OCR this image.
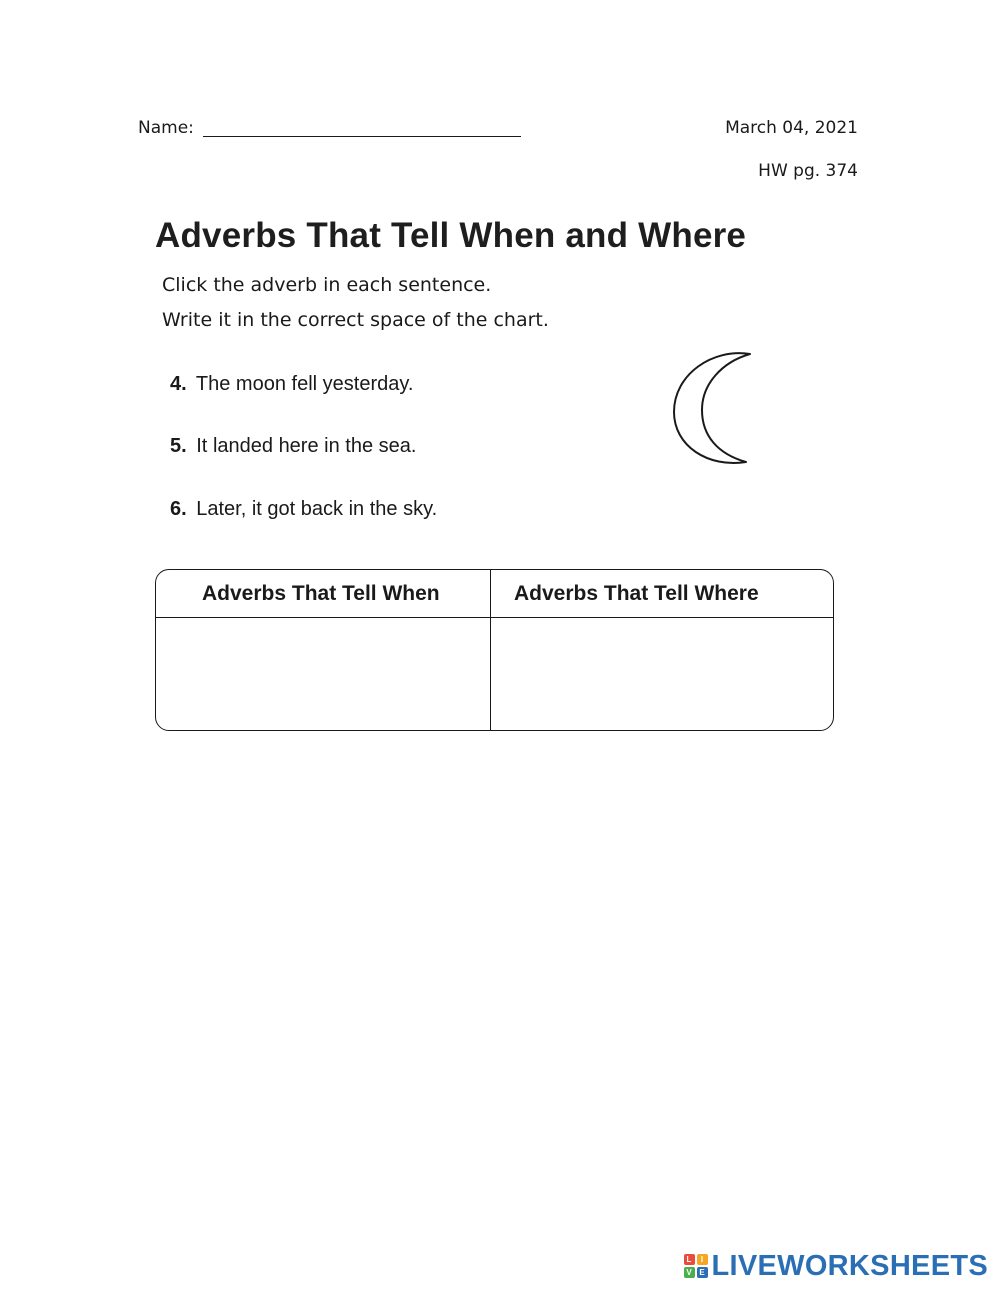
Name:	March 04, 2021
HW pg. 374
Adverbs That Tell When and Where
Click the adverb in each sentence.
Write it in the correct space of the chart.
4. The moon fell yesterday.
5. It landed here in the sea.
6. Later, it got back in the sky.
Adverbs That Tell When	Adverbs That Tell Where
L	I
V E LIVEWORKSHEETS
